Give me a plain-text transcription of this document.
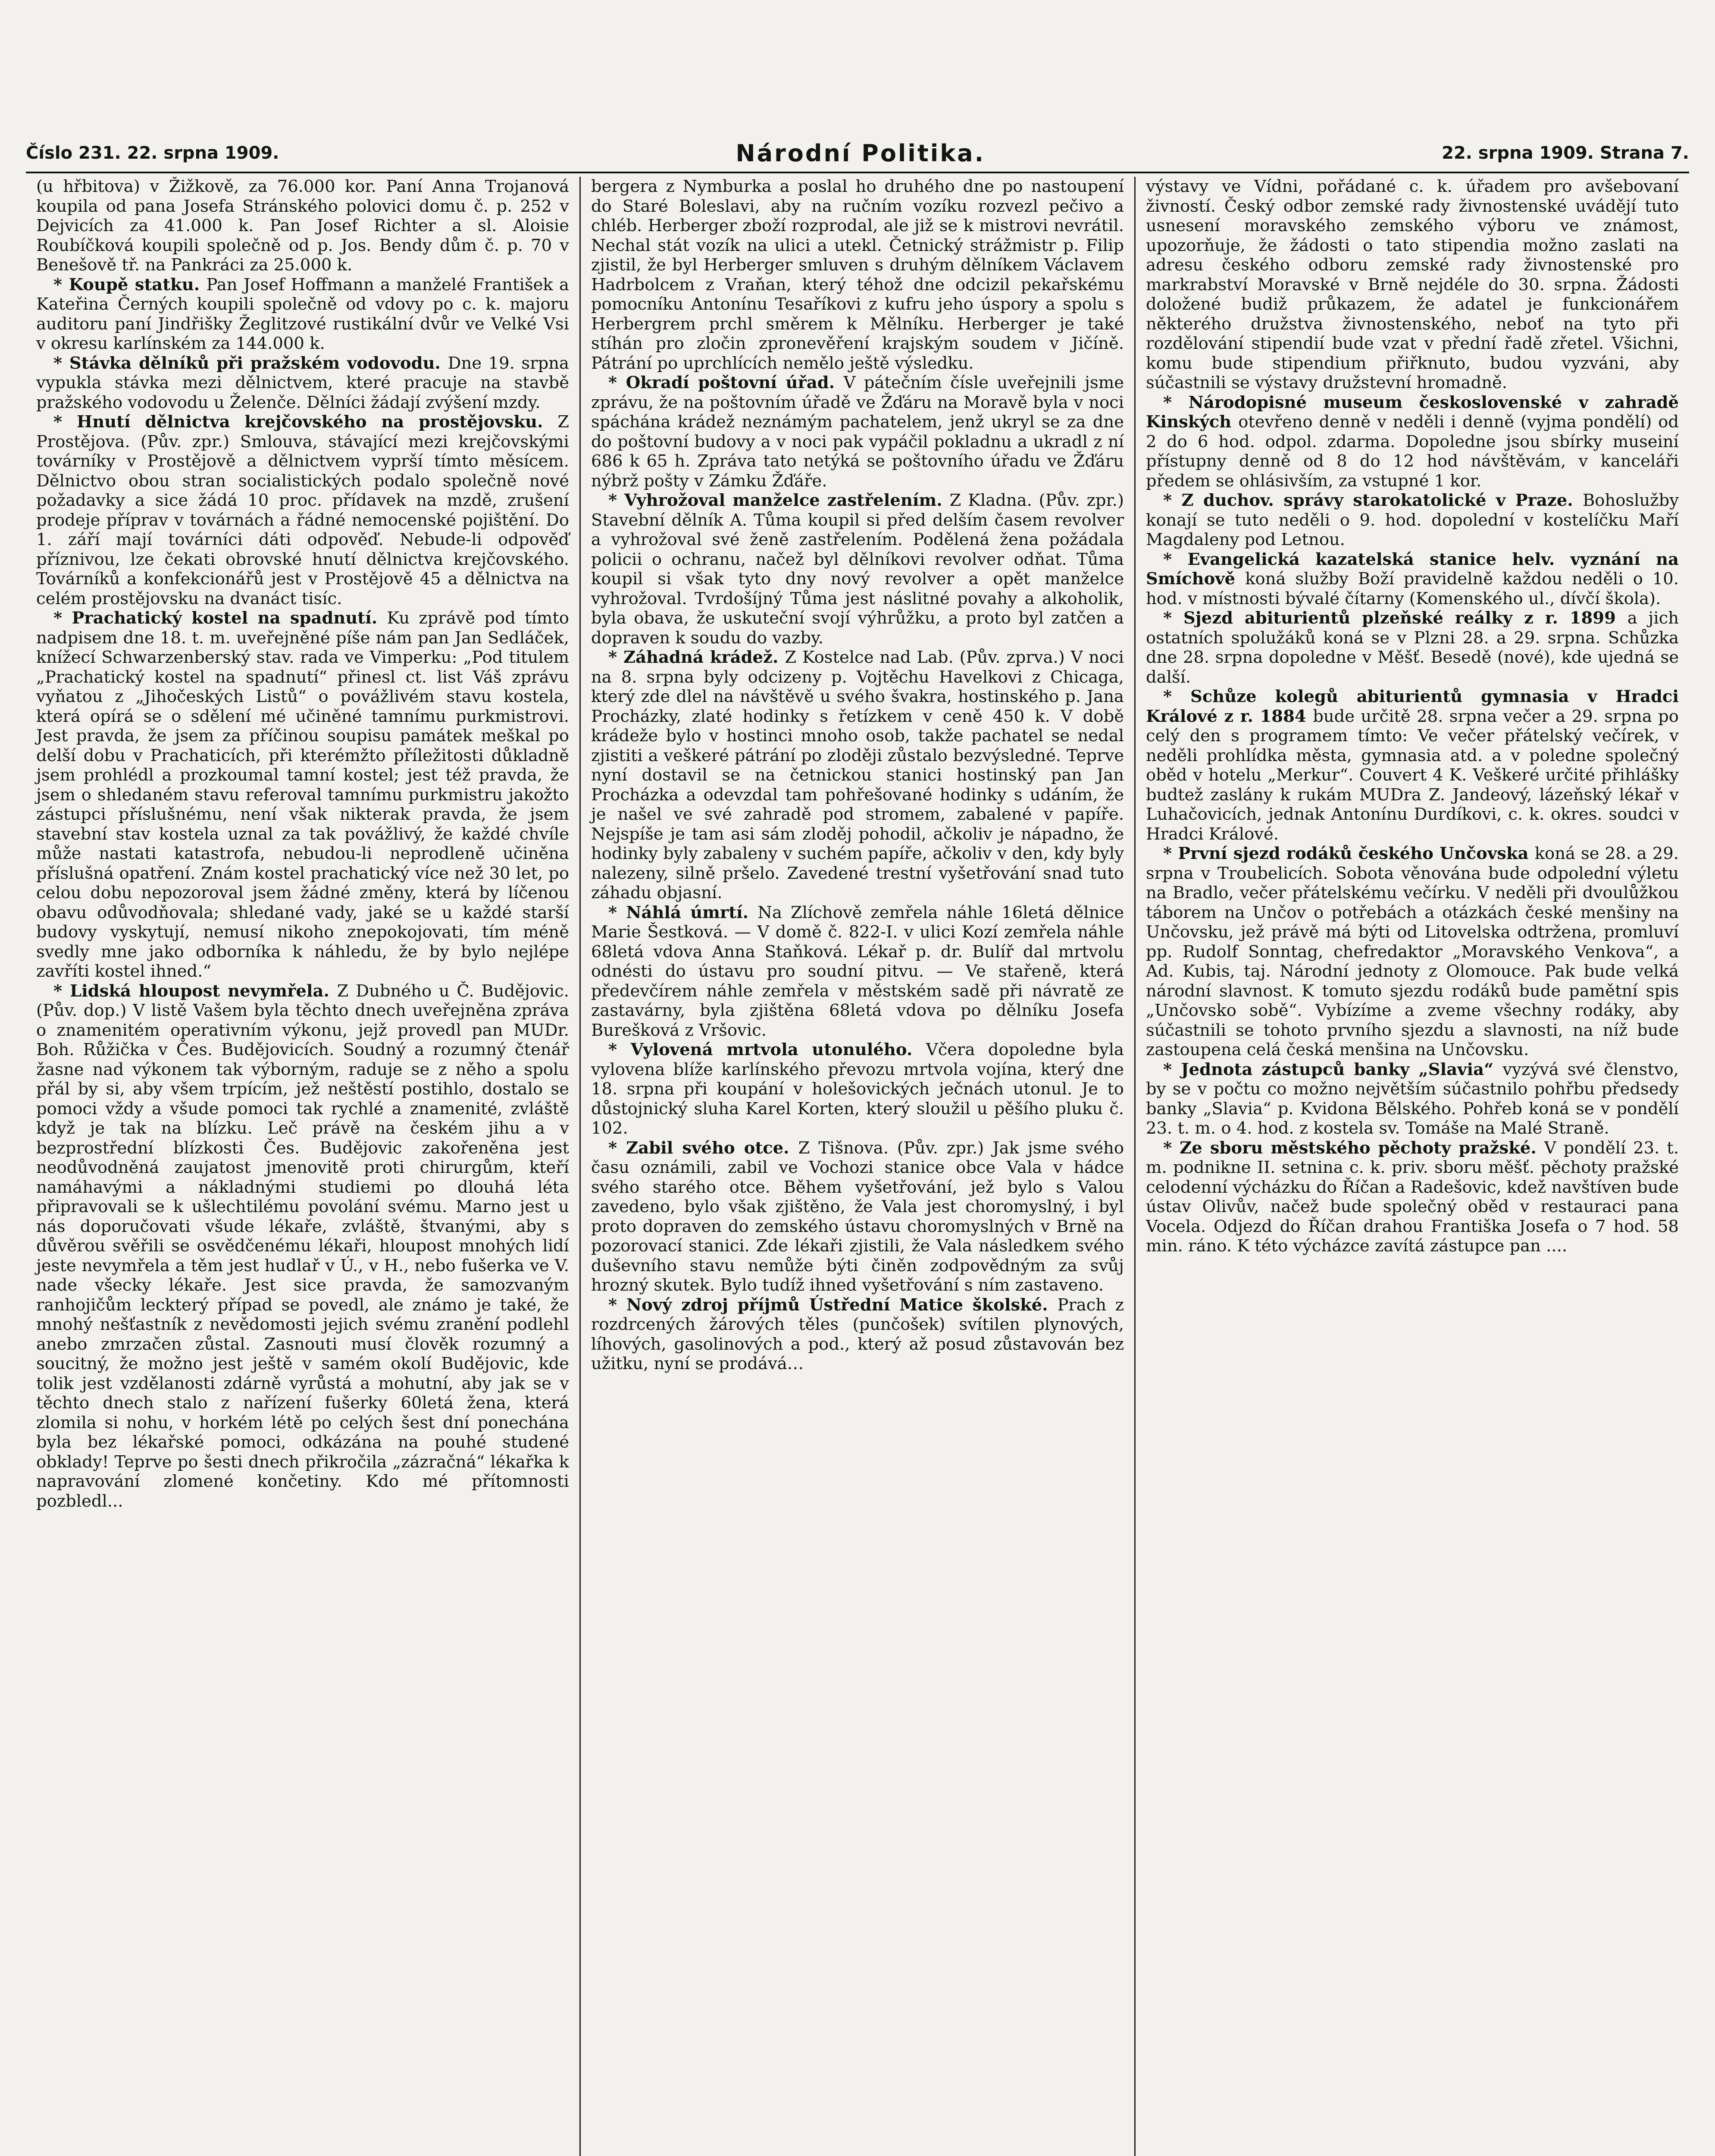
Číslo 231. 22. srpna 1909.	Národní Politika.	22. srpna 1909. Strana 7.

(u hřbitova) v Žižkově, za 76.000 kor. Paní Anna Trojanová koupila od pana Josefa Stránského polovici domu č. p. 252 v Dejvicích za 41.000 k. Pan Josef Richter a sl. Aloisie Roubíčková koupili společně od p. Jos. Bendy dům č. p. 70 v Benešově tř. na Pankráci za 25.000 k.

* Koupě statku. Pan Josef Hoffmann a manželé František a Kateřina Černých koupili společně od vdovy po c. k. majoru auditoru paní Jindřišky Žeglitzové rustikální dvůr ve Velké Vsi v okresu karlínském za 144.000 k.

* Stávka dělníků při pražském vodovodu. Dne 19. srpna vypukla stávka mezi dělnictvem, které pracuje na stavbě pražského vodovodu u Želenče. Dělníci žádají zvýšení mzdy.

* Hnutí dělnictva krejčovského na prostějovsku. Z Prostějova. (Pův. zpr.) Smlouva, stávající mezi krejčovskými továrníky v Prostějově a dělnictvem vyprší tímto měsícem. Dělnictvo obou stran socialistických podalo společně nové požadavky a sice žádá 10 proc. přídavek na mzdě, zrušení prodeje příprav v továrnách a řádné nemocenské pojištění. Do 1. září mají továrníci dáti odpověď. Nebude-li odpověď příznivou, lze čekati obrovské hnutí dělnictva krejčovského. Továrníků a konfekcionářů jest v Prostějově 45 a dělnictva na celém prostějovsku na dvanáct tisíc.

* Prachatický kostel na spadnutí. Ku zprávě pod tímto nadpisem dne 18. t. m. uveřejněné píše nám pan Jan Sedláček, knížecí Schwarzenberský stav. rada ve Vimperku: „Pod titulem „Prachatický kostel na spadnutí“ přinesl ct. list Váš zprávu vyňatou z „Jihočeských Listů“ o povážlivém stavu kostela, která opírá se o sdělení mé učiněné tamnímu purkmistrovi. Jest pravda, že jsem za příčinou soupisu památek meškal po delší dobu v Prachaticích, při kterémžto příležitosti důkladně jsem prohlédl a prozkoumal tamní kostel; jest též pravda, že jsem o shledaném stavu referoval tamnímu purkmistru jakožto zástupci příslušnému, není však nikterak pravda, že jsem stavební stav kostela uznal za tak povážlivý, že každé chvíle může nastati katastrofa, nebudou-li neprodleně učiněna příslušná opatření. Znám kostel prachatický více než 30 let, po celou dobu nepozoroval jsem žádné změny, která by líčenou obavu odůvodňovala; shledané vady, jaké se u každé starší budovy vyskytují, nemusí nikoho znepokojovati, tím méně svedly mne jako odborníka k náhledu, že by bylo nejlépe zavříti kostel ihned.“

* Lidská hloupost nevymřela. Z Dubného u Č. Budějovic. (Pův. dop.) V listě Vašem byla těchto dnech uveřejněna zpráva o znamenitém operativním výkonu, jejž provedl pan MUDr. Boh. Růžička v Čes. Budějovicích. Soudný a rozumný čtenář žasne nad výkonem tak výborným, raduje se z něho a spolu přál by si, aby všem trpícím, jež neštěstí postihlo, dostalo se pomoci vždy a všude pomoci tak rychlé a znamenité, zvláště když je tak na blízku. Leč právě na českém jihu a v bezprostřední blízkosti Čes. Budějovic zakořeněna jest neodůvodněná zaujatost jmenovitě proti chirurgům, kteří namáhavými a nákladnými studiemi po dlouhá léta připravovali se k ušlechtilému povolání svému. Marno jest u nás doporučovati všude lékaře, zvláště, štvanými, aby s důvěrou svěřili se osvědčenému lékaři, hloupost mnohých lidí jeste nevymřela a těm jest hudlař v Ú., v H., nebo fušerka ve V. nade všecky lékaře. Jest sice pravda, že samozvaným ranhojičům leckterý případ se povedl, ale známo je také, že mnohý nešťastník z nevědomosti jejich svému zranění podlehl anebo zmrzačen zůstal. Zasnouti musí člověk rozumný a soucitný, že možno jest ještě v samém okolí Budějovic, kde tolik jest vzdělanosti zdárně vyrůstá a mohutní, aby jak se v těchto dnech stalo z nařízení fušerky 60letá žena, která zlomila si nohu, v horkém létě po celých šest dní ponechána byla bez lékařské pomoci, odkázána na pouhé studené obklady! Teprve po šesti dnech přikročila „zázračná“ lékařka k napravování zlomené končetiny. Kdo mé přítomnosti pozbledl...

bergera z Nymburka a poslal ho druhého dne po nastoupení do Staré Boleslavi, aby na ručním vozíku rozvezl pečivo a chléb. Herberger zboží rozprodal, ale již se k mistrovi nevrátil. Nechal stát vozík na ulici a utekl. Četnický strážmistr p. Filip zjistil, že byl Herberger smluven s druhým dělníkem Václavem Hadrbolcem z Vraňan, který téhož dne odcizil pekařskému pomocníku Antonínu Tesaříkovi z kufru jeho úspory a spolu s Herbergrem prchl směrem k Mělníku. Herberger je také stíhán pro zločin zpronevěření krajským soudem v Jičíně. Pátrání po uprchlících nemělo ještě výsledku.

* Okradí poštovní úřad. V pátečním čísle uveřejnili jsme zprávu, že na poštovním úřadě ve Žďáru na Moravě byla v noci spáchána krádež neznámým pachatelem, jenž ukryl se za dne do poštovní budovy a v noci pak vypáčil pokladnu a ukradl z ní 686 k 65 h. Zpráva tato netýká se poštovního úřadu ve Žďáru nýbrž pošty v Zámku Žďáře.

* Vyhrožoval manželce zastřelením. Z Kladna. (Pův. zpr.) Stavební dělník A. Tůma koupil si před delším časem revolver a vyhrožoval své ženě zastřelením. Podělená žena požádala policii o ochranu, načež byl dělníkovi revolver odňat. Tůma koupil si však tyto dny nový revolver a opět manželce vyhrožoval. Tvrdošíjný Tůma jest náslitné povahy a alkoholik, byla obava, že uskuteční svojí výhrůžku, a proto byl zatčen a dopraven k soudu do vazby.

* Záhadná krádež. Z Kostelce nad Lab. (Pův. zprva.) V noci na 8. srpna byly odcizeny p. Vojtěchu Havelkovi z Chicaga, který zde dlel na návštěvě u svého švakra, hostinského p. Jana Procházky, zlaté hodinky s řetízkem v ceně 450 k. V době krádeže bylo v hostinci mnoho osob, takže pachatel se nedal zjistiti a veškeré pátrání po zloději zůstalo bezvýsledné. Teprve nyní dostavil se na četnickou stanici hostinský pan Jan Procházka a odevzdal tam pohřešované hodinky s udáním, že je našel ve své zahradě pod stromem, zabalené v papíře. Nejspíše je tam asi sám zloděj pohodil, ačkoliv je nápadno, že hodinky byly zabaleny v suchém papíře, ačkoliv v den, kdy byly nalezeny, silně pršelo. Zavedené trestní vyšetřování snad tuto záhadu objasní.

* Náhlá úmrtí. Na Zlíchově zemřela náhle 16letá dělnice Marie Šestková. — V domě č. 822-I. v ulici Kozí zemřela náhle 68letá vdova Anna Staňková. Lékař p. dr. Bulíř dal mrtvolu odnésti do ústavu pro soudní pitvu. — Ve stařeně, která předevčírem náhle zemřela v městském sadě při návratě ze zastavárny, byla zjištěna 68letá vdova po dělníku Josefa Burešková z Vršovic.

* Vylovená mrtvola utonulého. Včera dopoledne byla vylovena blíže karlínského převozu mrtvola vojína, který dne 18. srpna při koupání v holešovických ječnách utonul. Je to důstojnický sluha Karel Korten, který sloužil u pěšího pluku č. 102.

* Zabil svého otce. Z Tišnova. (Pův. zpr.) Jak jsme svého času oznámili, zabil ve Vochozi stanice obce Vala v hádce svého starého otce. Během vyšetřování, jež bylo s Valou zavedeno, bylo však zjištěno, že Vala jest choromyslný, i byl proto dopraven do zemského ústavu choromyslných v Brně na pozorovací stanici. Zde lékaři zjistili, že Vala následkem svého duševního stavu nemůže býti činěn zodpovědným za svůj hrozný skutek. Bylo tudíž ihned vyšetřování s ním zastaveno.

* Nový zdroj příjmů Ústřední Matice školské. Prach z rozdrcených žárových těles (punčošek) svítilen plynových, líhových, gasolinových a pod., který až posud zůstavován bez užitku, nyní se prodává…

výstavy ve Vídni, pořádané c. k. úřadem pro avšebovaní živností. Český odbor zemské rady živnostenské uvádějí tuto usnesení moravského zemského výboru ve známost, upozorňuje, že žádosti o tato stipendia možno zaslati na adresu českého odboru zemské rady živnostenské pro markrabství Moravské v Brně nejdéle do 30. srpna. Žádosti doložené budiž průkazem, že adatel je funkcionářem některého družstva živnostenského, neboť na tyto při rozdělování stipendií bude vzat v přední řadě zřetel. Všichni, komu bude stipendium přiřknuto, budou vyzváni, aby súčastnili se výstavy družstevní hromadně.

* Národopisné museum československé v zahradě Kinských otevřeno denně v neděli i denně (vyjma pondělí) od 2 do 6 hod. odpol. zdarma. Dopoledne jsou sbírky museiní přístupny denně od 8 do 12 hod návštěvám, v kanceláři předem se ohlásivším, za vstupné 1 kor.

* Z duchov. správy starokatolické v Praze. Bohoslužby konají se tuto neděli o 9. hod. dopolední v kostelíčku Maří Magdaleny pod Letnou.

* Evangelická kazatelská stanice helv. vyznání na Smíchově koná služby Boží pravidelně každou neděli o 10. hod. v místnosti bývalé čítarny (Komenského ul., dívčí škola).

* Sjezd abiturientů plzeňské reálky z r. 1899 a jich ostatních spolužáků koná se v Plzni 28. a 29. srpna. Schůzka dne 28. srpna dopoledne v Měšť. Besedě (nové), kde ujedná se další.

* Schůze kolegů abiturientů gymnasia v Hradci Králové z r. 1884 bude určitě 28. srpna večer a 29. srpna po celý den s programem tímto: Ve večer přátelský večírek, v neděli prohlídka města, gymnasia atd. a v poledne společný oběd v hotelu „Merkur“. Couvert 4 K. Veškeré určité přihlášky budtež zaslány k rukám MUDra Z. Jandeový, lázeňský lékař v Luhačovicích, jednak Antonínu Durdíkovi, c. k. okres. soudci v Hradci Králové.

* První sjezd rodáků českého Unčovska koná se 28. a 29. srpna v Troubelicích. Sobota věnována bude odpolední výletu na Bradlo, večer přátelskému večírku. V neděli při dvoulůžkou táborem na Unčov o potřebách a otázkách české menšiny na Unčovsku, jež právě má býti od Litovelska odtržena, promluví pp. Rudolf Sonntag, chefredaktor „Moravského Venkova“, a Ad. Kubis, taj. Národní jednoty z Olomouce. Pak bude velká národní slavnost. K tomuto sjezdu rodáků bude pamětní spis „Unčovsko sobě“. Vybízíme a zveme všechny rodáky, aby súčastnili se tohoto prvního sjezdu a slavnosti, na níž bude zastoupena celá česká menšina na Unčovsku.

* Jednota zástupců banky „Slavia“ vyzývá své členstvo, by se v počtu co možno největším súčastnilo pohřbu předsedy banky „Slavia“ p. Kvidona Bělského. Pohřeb koná se v pondělí 23. t. m. o 4. hod. z kostela sv. Tomáše na Malé Straně.

* Ze sboru městského pěchoty pražské. V pondělí 23. t. m. podnikne II. setnina c. k. priv. sboru měšť. pěchoty pražské celodenní výcházku do Říčan a Radešovic, kdež navštíven bude ústav Olivův, načež bude společný oběd v restauraci pana Vocela. Odjezd do Říčan drahou Františka Josefa o 7 hod. 58 min. ráno. K této výcházce zavítá zástupce pan ....
